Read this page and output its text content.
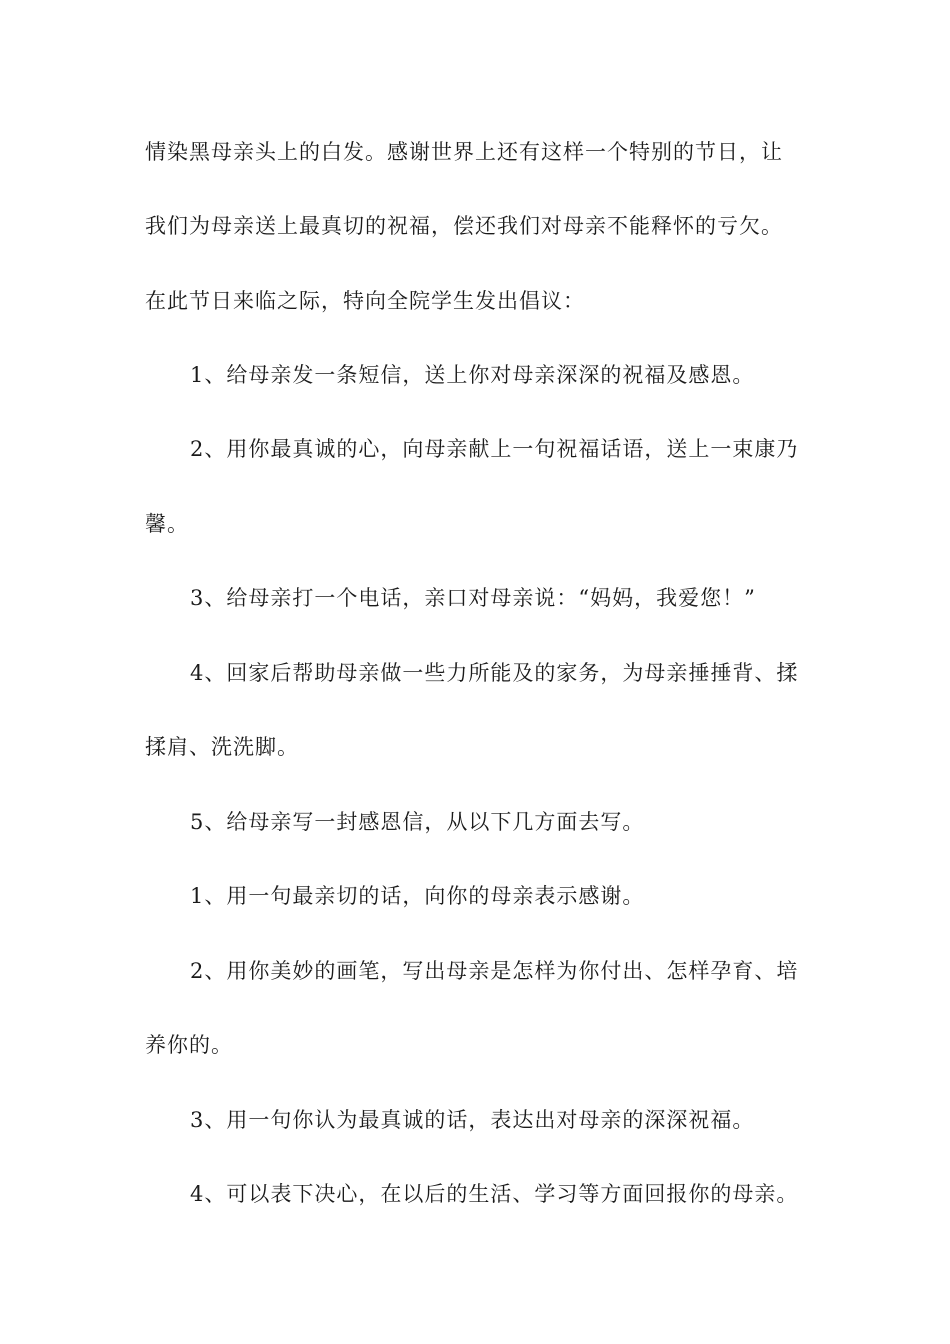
情染黑母亲头上的白发。感谢世界上还有这样一个特别的节日，让
我们为母亲送上最真切的祝福，偿还我们对母亲不能释怀的亏欠。
在此节日来临之际，特向全院学生发出倡议：
1、给母亲发一条短信，送上你对母亲深深的祝福及感恩。
2、用你最真诚的心，向母亲献上一句祝福话语，送上一束康乃
馨。
3、给母亲打一个电话，亲口对母亲说：“妈妈，我爱您！”
4、回家后帮助母亲做一些力所能及的家务，为母亲捶捶背、揉
揉肩、洗洗脚。
5、给母亲写一封感恩信，从以下几方面去写。
1、用一句最亲切的话，向你的母亲表示感谢。
2、用你美妙的画笔，写出母亲是怎样为你付出、怎样孕育、培
养你的。
3、用一句你认为最真诚的话，表达出对母亲的深深祝福。
4、可以表下决心，在以后的生活、学习等方面回报你的母亲。
